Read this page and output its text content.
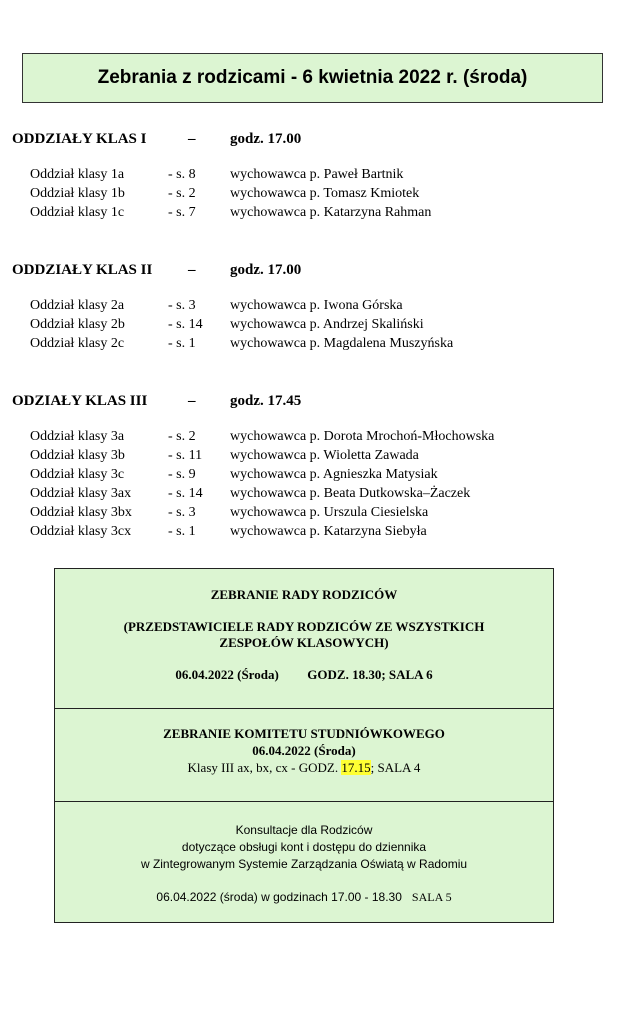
Zebrania z rodzicami - 6 kwietnia 2022 r. (środa)
ODDZIAŁY KLAS I	– godz. 17.00
Oddział klasy 1a	- s. 8 wychowawca p. Paweł Bartnik
Oddział klasy 1b	- s. 2 wychowawca p. Tomasz Kmiotek
Oddział klasy 1c	- s. 7 wychowawca p. Katarzyna Rahman
ODDZIAŁY KLAS II – godz. 17.00
Oddział klasy 2a	- s. 3 wychowawca p. Iwona Górska
Oddział klasy 2b	- s. 14 wychowawca p. Andrzej Skaliński
Oddział klasy 2c	- s. 1 wychowawca p. Magdalena Muszyńska
ODZIAŁY KLAS III	– godz. 17.45
Oddział klasy 3a	- s. 2 wychowawca p. Dorota Mrochoń-Młochowska
Oddział klasy 3b	- s. 11 wychowawca p. Wioletta Zawada
Oddział klasy 3c	- s. 9 wychowawca p. Agnieszka Matysiak
Oddział klasy 3ax	- s. 14 wychowawca p. Beata Dutkowska–Żaczek
Oddział klasy 3bx	- s. 3 wychowawca p. Urszula Ciesielska
Oddział klasy 3cx	- s. 1 wychowawca p. Katarzyna Siebyła
ZEBRANIE RADY RODZICÓW
(PRZEDSTAWICIELE RADY RODZICÓW ZE WSZYSTKICH
ZESPOŁÓW KLASOWYCH)
06.04.2022 (Środa) GODZ. 18.30; SALA 6
ZEBRANIE KOMITETU STUDNIÓWKOWEGO
06.04.2022 (Środa)
Klasy III ax, bx, cx - GODZ. 17.15; SALA 4
Konsultacje dla Rodziców
dotyczące obsługi kont i dostępu do dziennika
w Zintegrowanym Systemie Zarządzania Oświatą w Radomiu
06.04.2022 (środa) w godzinach 17.00 - 18.30 SALA 5
